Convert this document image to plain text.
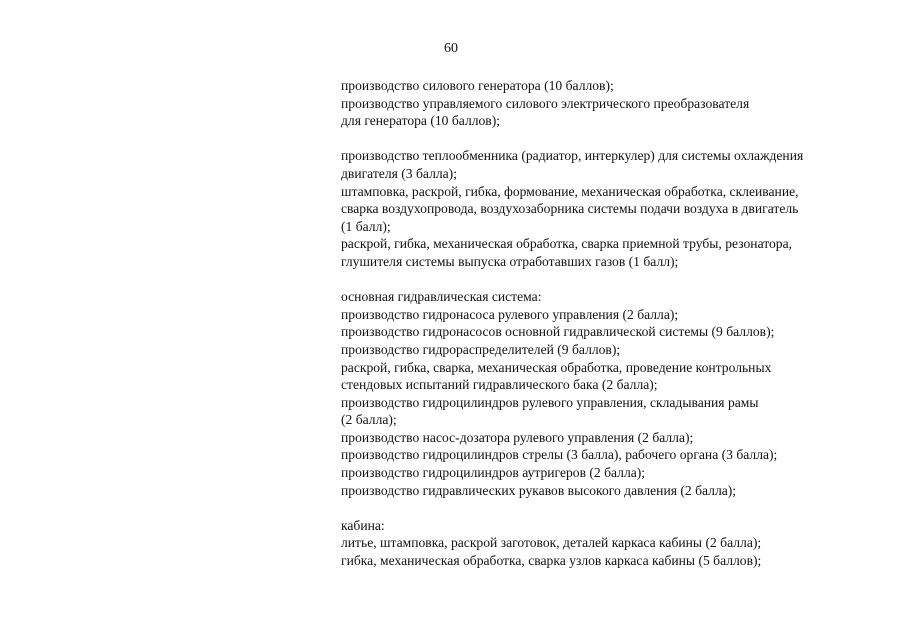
60

производство силового генератора (10 баллов);
производство управляемого силового электрического преобразователя
для генератора (10 баллов);

производство теплообменника (радиатор, интеркулер) для системы охлаждения
двигателя (3 балла);
штамповка, раскрой, гибка, формование, механическая обработка, склеивание,
сварка воздухопровода, воздухозаборника системы подачи воздуха в двигатель
(1 балл);
раскрой, гибка, механическая обработка, сварка приемной трубы, резонатора,
глушителя системы выпуска отработавших газов (1 балл);

основная гидравлическая система:
производство гидронасоса рулевого управления (2 балла);
производство гидронасосов основной гидравлической системы (9 баллов);
производство гидрораспределителей (9 баллов);
раскрой, гибка, сварка, механическая обработка, проведение контрольных
стендовых испытаний гидравлического бака (2 балла);
производство гидроцилиндров рулевого управления, складывания рамы
(2 балла);
производство насос-дозатора рулевого управления (2 балла);
производство гидроцилиндров стрелы (3 балла), рабочего органа (3 балла);
производство гидроцилиндров аутригеров (2 балла);
производство гидравлических рукавов высокого давления (2 балла);

кабина:
литье, штамповка, раскрой заготовок, деталей каркаса кабины (2 балла);
гибка, механическая обработка, сварка узлов каркаса кабины (5 баллов);
